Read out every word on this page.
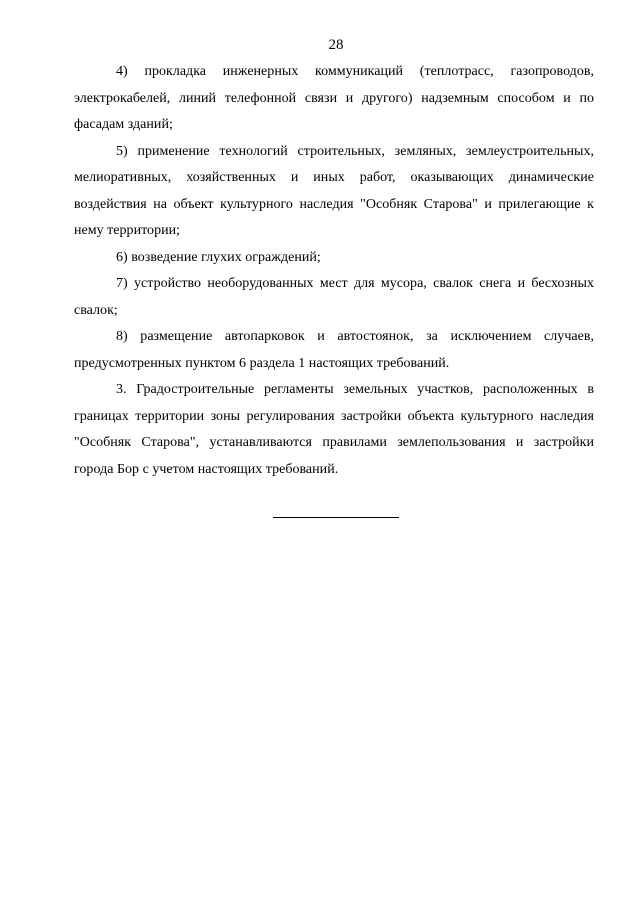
28

4) прокладка инженерных коммуникаций (теплотрасс, газопроводов, электрокабелей, линий телефонной связи и другого) надземным способом и по фасадам зданий;

5) применение технологий строительных, земляных, землеустроительных, мелиоративных, хозяйственных и иных работ, оказывающих динамические воздействия на объект культурного наследия "Особняк Старова" и прилегающие к нему территории;

6) возведение глухих ограждений;

7) устройство необорудованных мест для мусора, свалок снега и бесхозных свалок;

8) размещение автопарковок и автостоянок, за исключением случаев, предусмотренных пунктом 6 раздела 1 настоящих требований.

3. Градостроительные регламенты земельных участков, расположенных в границах территории зоны регулирования застройки объекта культурного наследия "Особняк Старова", устанавливаются правилами землепользования и застройки города Бор с учетом настоящих требований.
